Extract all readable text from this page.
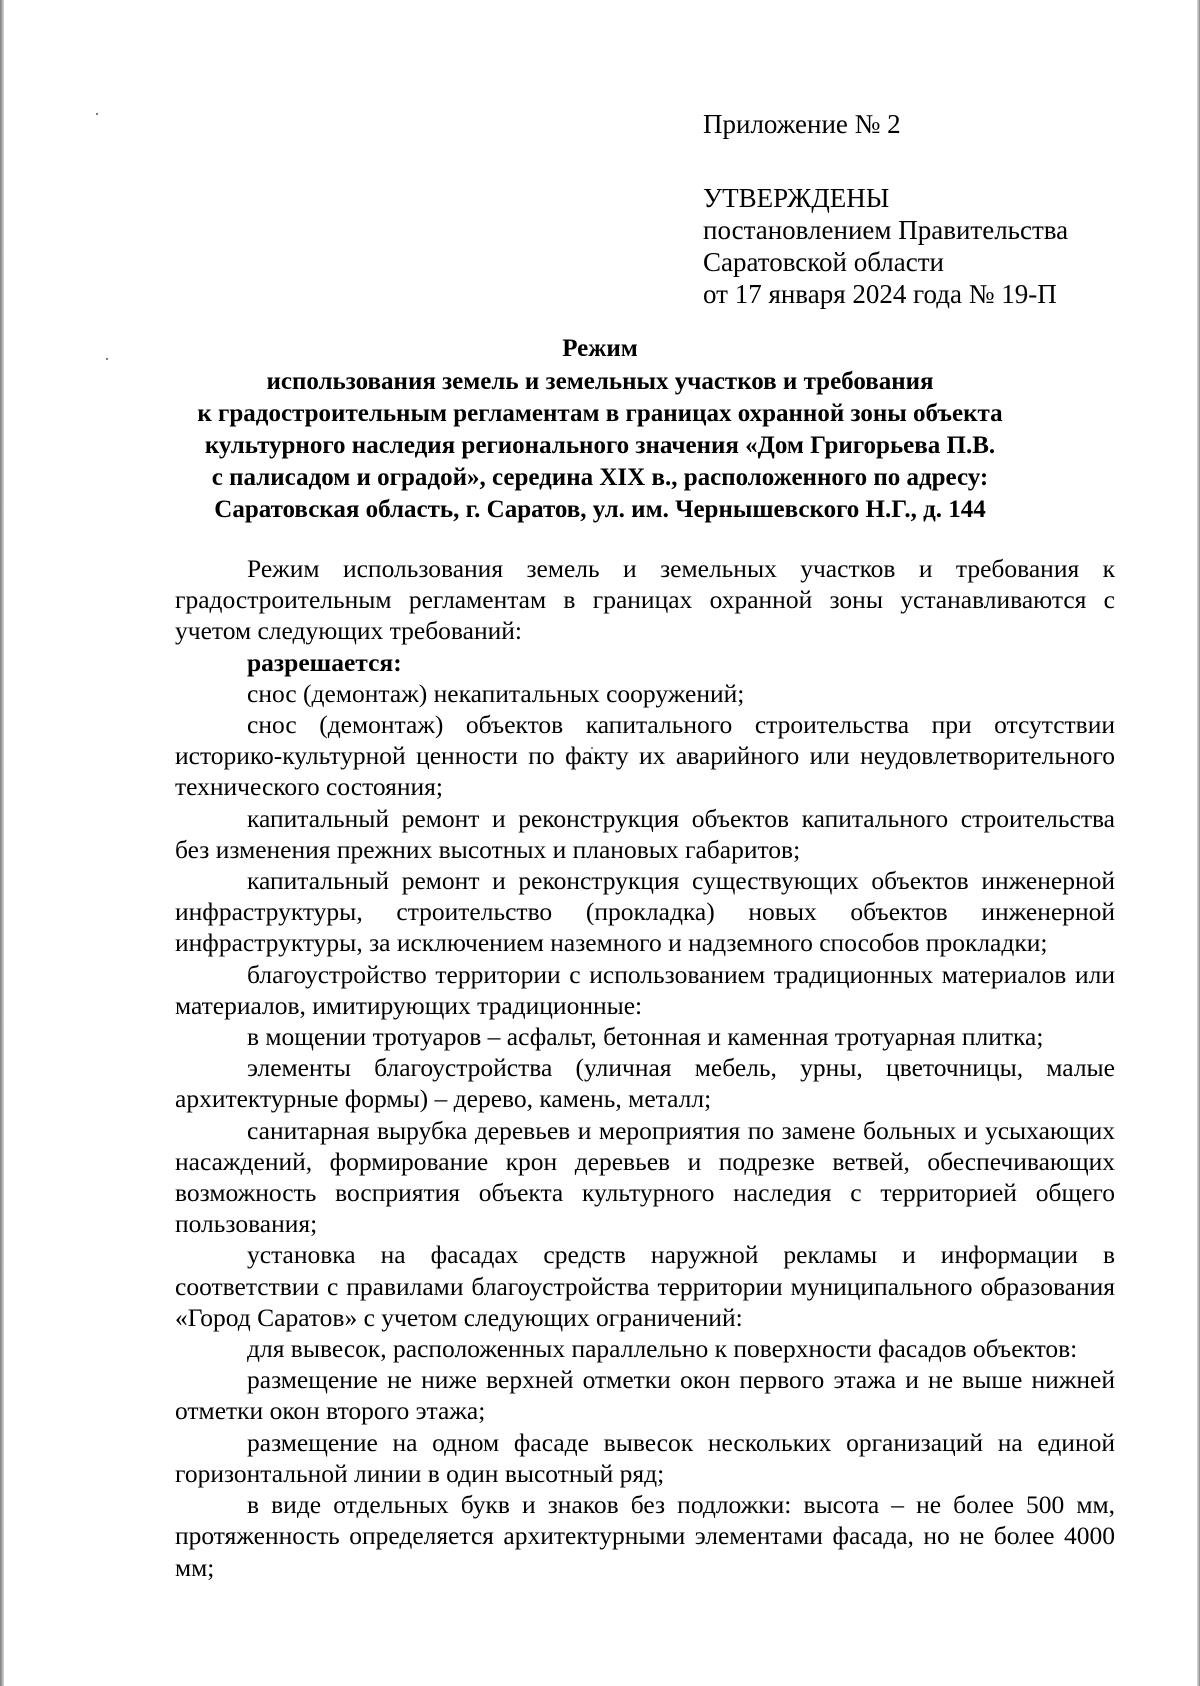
Приложение № 2
УТВЕРЖДЕНЫ
постановлением Правительства
Саратовской области
от 17 января 2024 года № 19-П
Режим
использования земель и земельных участков и требования
к градостроительным регламентам в границах охранной зоны объекта
культурного наследия регионального значения «Дом Григорьева П.В.
с палисадом и оградой», середина XIX в., расположенного по адресу:
Саратовская область, г. Саратов, ул. им. Чернышевского Н.Г., д. 144

Режим использования земель и земельных участков и требования к градостроительным регламентам в границах охранной зоны устанавливаются с учетом следующих требований:

разрешается:

снос (демонтаж) некапитальных сооружений;

снос (демонтаж) объектов капитального строительства при отсутствии историко-культурной ценности по факту их аварийного или неудовлетворительного технического состояния;

капитальный ремонт и реконструкция объектов капитального строительства без изменения прежних высотных и плановых габаритов;

капитальный ремонт и реконструкция существующих объектов инженерной инфраструктуры, строительство (прокладка) новых объектов инженерной инфраструктуры, за исключением наземного и надземного способов прокладки;

благоустройство территории с использованием традиционных материалов или материалов, имитирующих традиционные:

в мощении тротуаров – асфальт, бетонная и каменная тротуарная плитка;

элементы благоустройства (уличная мебель, урны, цветочницы, малые архитектурные формы) – дерево, камень, металл;

санитарная вырубка деревьев и мероприятия по замене больных и усыхающих насаждений, формирование крон деревьев и подрезке ветвей, обеспечивающих возможность восприятия объекта культурного наследия с территорией общего пользования;

установка на фасадах средств наружной рекламы и информации в соответствии с правилами благоустройства территории муниципального образования «Город Саратов» с учетом следующих ограничений:

для вывесок, расположенных параллельно к поверхности фасадов объектов:

размещение не ниже верхней отметки окон первого этажа и не выше нижней отметки окон второго этажа;

размещение на одном фасаде вывесок нескольких организаций на единой горизонтальной линии в один высотный ряд;

в виде отдельных букв и знаков без подложки: высота – не более 500 мм, протяженность определяется архитектурными элементами фасада, но не более 4000 мм;
